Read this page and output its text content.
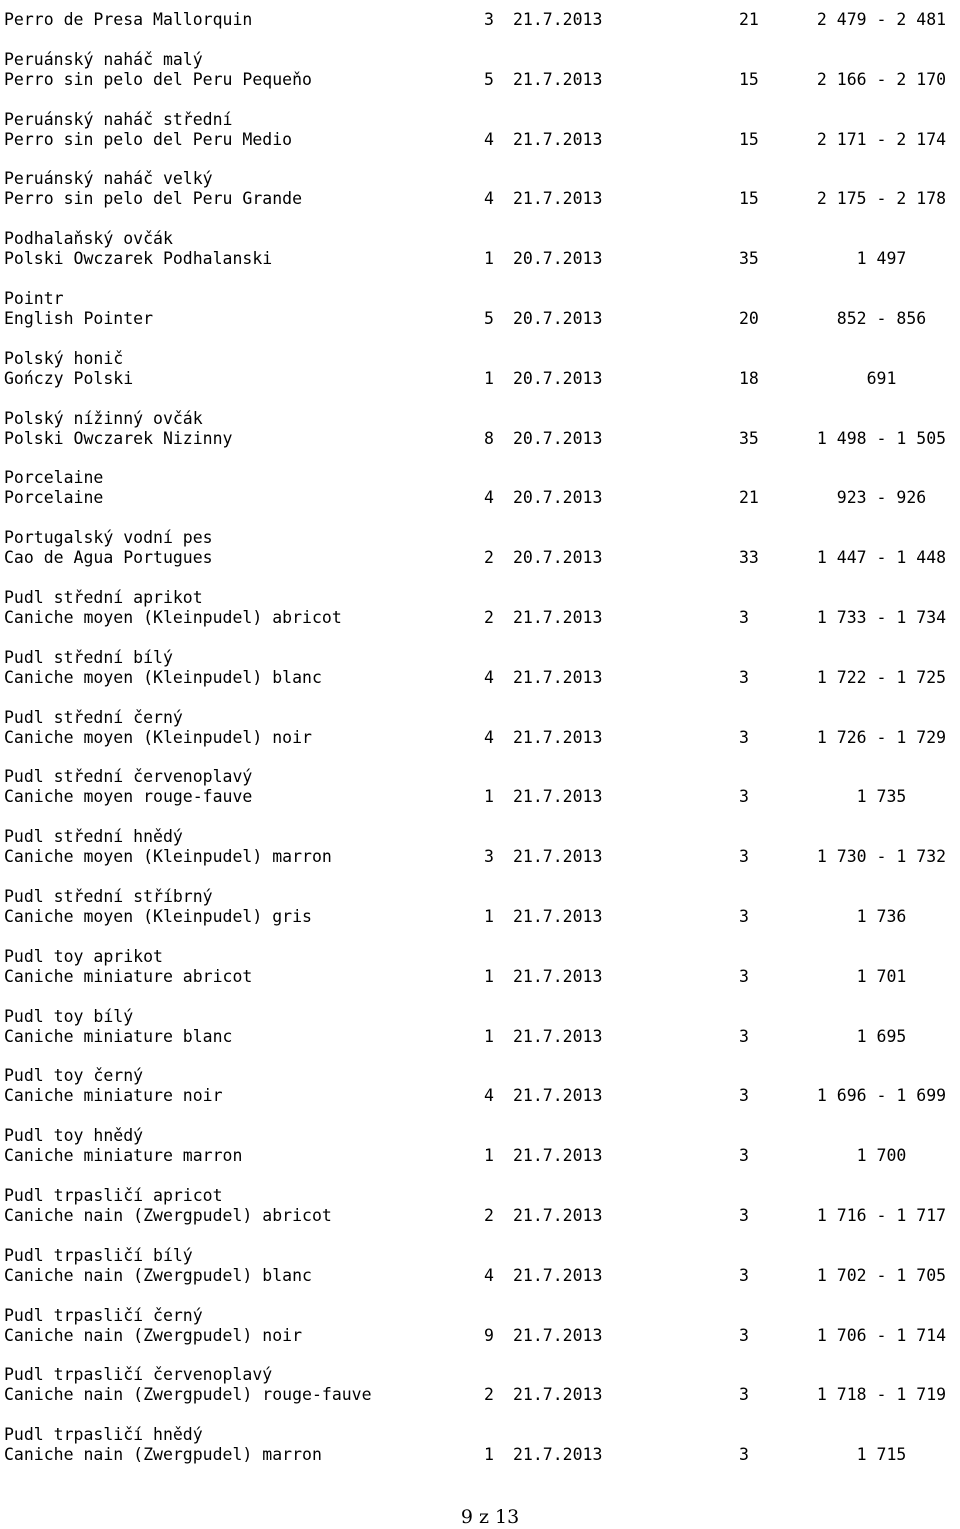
Perro de Presa Mallorquin	3 21.7.2013	21	2 479 - 2 481
Peruánský naháč malý
Perro sin pelo del Peru Pequeňo	5 21.7.2013	15	2 166 - 2 170
Peruánský naháč střední
Perro sin pelo del Peru Medio	4 21.7.2013	15	2 171 - 2 174
Peruánský naháč velký
Perro sin pelo del Peru Grande	4 21.7.2013	15	2 175 - 2 178
Podhalaňský ovčák
Polski Owczarek Podhalanski	1 20.7.2013	35	1 497
Pointr
English Pointer	5 20.7.2013	20	852 - 856
Polský honič
Gończy Polski	1 20.7.2013	18	691
Polský nížinný ovčák
Polski Owczarek Nizinny	8 20.7.2013	35	1 498 - 1 505
Porcelaine
Porcelaine	4 20.7.2013	21	923 - 926
Portugalský vodní pes
Cao de Agua Portugues	2 20.7.2013	33	1 447 - 1 448
Pudl střední aprikot
Caniche moyen (Kleinpudel) abricot	2 21.7.2013	3	1 733 - 1 734
Pudl střední bílý
Caniche moyen (Kleinpudel) blanc	4 21.7.2013	3	1 722 - 1 725
Pudl střední černý
Caniche moyen (Kleinpudel) noir	4 21.7.2013	3	1 726 - 1 729
Pudl střední červenoplavý
Caniche moyen rouge-fauve	1 21.7.2013	3	1 735
Pudl střední hnědý
Caniche moyen (Kleinpudel) marron	3 21.7.2013	3	1 730 - 1 732
Pudl střední stříbrný
Caniche moyen (Kleinpudel) gris	1 21.7.2013	3	1 736
Pudl toy aprikot
Caniche miniature abricot	1 21.7.2013	3	1 701
Pudl toy bílý
Caniche miniature blanc	1 21.7.2013	3	1 695
Pudl toy černý
Caniche miniature noir	4 21.7.2013	3	1 696 - 1 699
Pudl toy hnědý
Caniche miniature marron	1 21.7.2013	3	1 700
Pudl trpasličí apricot
Caniche nain (Zwergpudel) abricot	2 21.7.2013	3	1 716 - 1 717
Pudl trpasličí bílý
Caniche nain (Zwergpudel) blanc	4 21.7.2013	3	1 702 - 1 705
Pudl trpasličí černý
Caniche nain (Zwergpudel) noir	9 21.7.2013	3	1 706 - 1 714
Pudl trpasličí červenoplavý
Caniche nain (Zwergpudel) rouge-fauve	2 21.7.2013	3	1 718 - 1 719
Pudl trpasličí hnědý
Caniche nain (Zwergpudel) marron	1 21.7.2013	3	1 715
9 z 13
